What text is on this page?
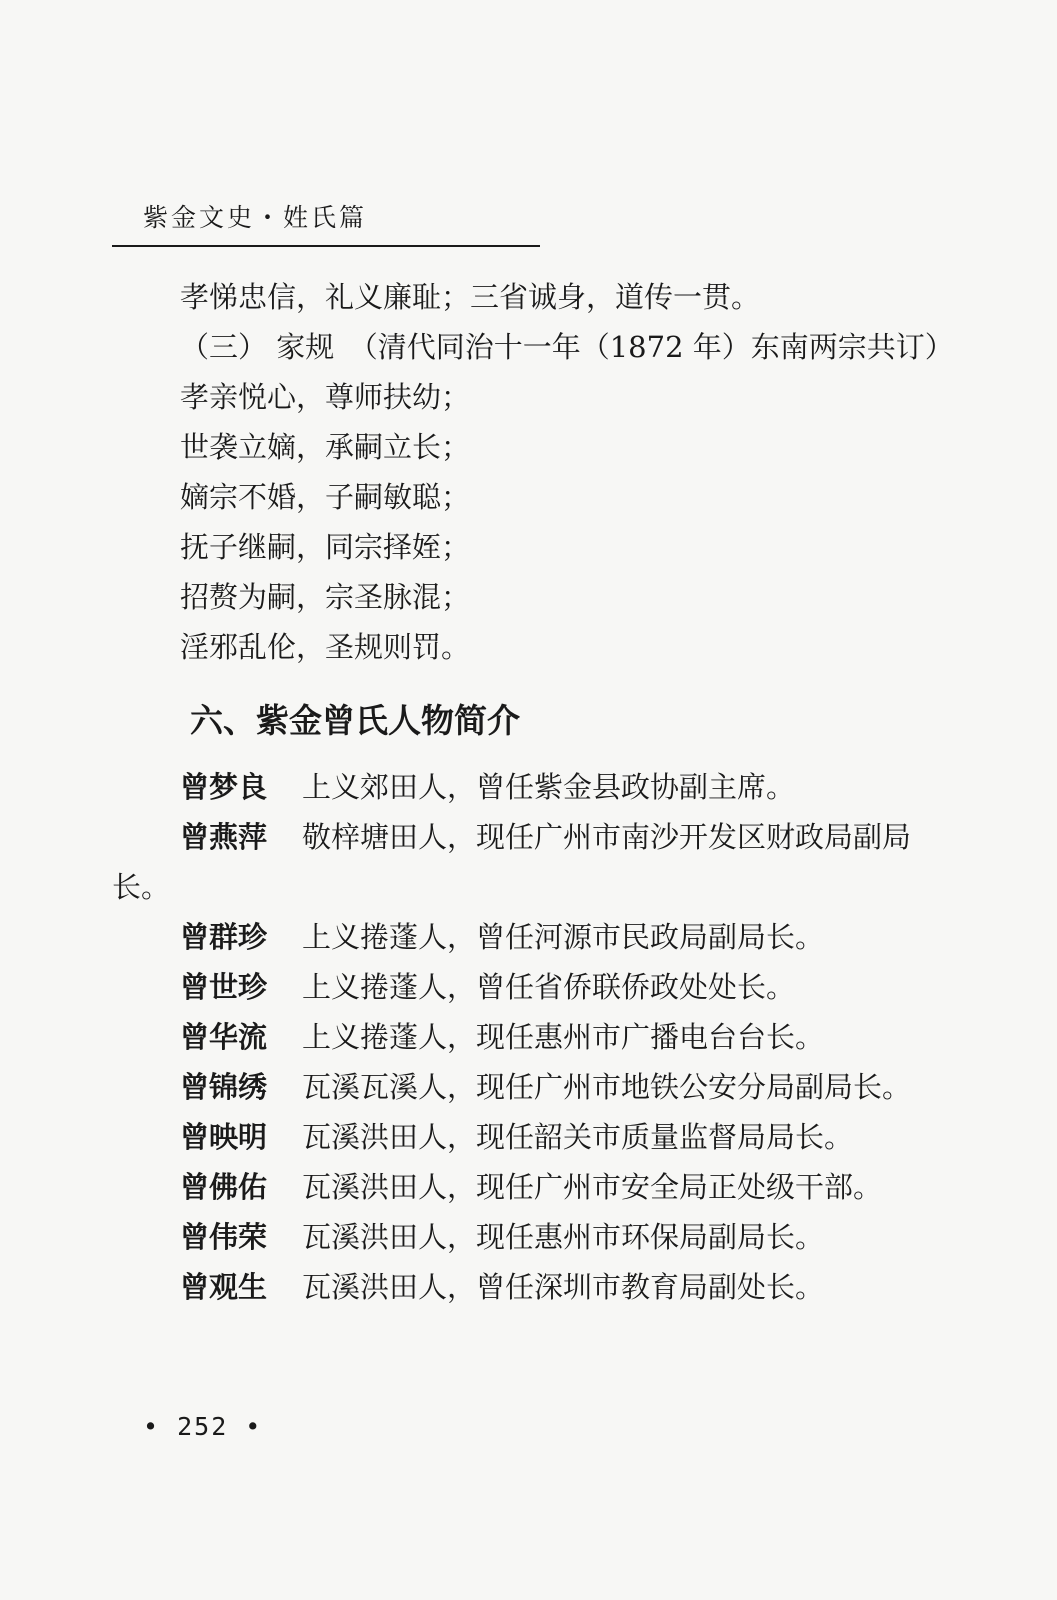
紫金文史・姓氏篇

孝悌忠信，礼义廉耻；三省诚身，道传一贯。

（三） 家规　（清代同治十一年（1872 年）东南两宗共订）

孝亲悦心，尊师扶幼；

世袭立嫡，承嗣立长；

嫡宗不婚，子嗣敏聪；

抚子继嗣，同宗择姪；

招赘为嗣，宗圣脉混；

淫邪乱伦，圣规则罚。

六、紫金曾氏人物简介

曾梦良 上义郊田人，曾任紫金县政协副主席。

曾燕萍 敬梓塘田人，现任广州市南沙开发区财政局副局长。

曾群珍 上义捲蓬人，曾任河源市民政局副局长。

曾世珍 上义捲蓬人，曾任省侨联侨政处处长。

曾华流 上义捲蓬人，现任惠州市广播电台台长。

曾锦绣 瓦溪瓦溪人，现任广州市地铁公安分局副局长。

曾映明 瓦溪洪田人，现任韶关市质量监督局局长。

曾佛佑 瓦溪洪田人，现任广州市安全局正处级干部。

曾伟荣 瓦溪洪田人，现任惠州市环保局副局长。

曾观生 瓦溪洪田人，曾任深圳市教育局副处长。

• 252 •
